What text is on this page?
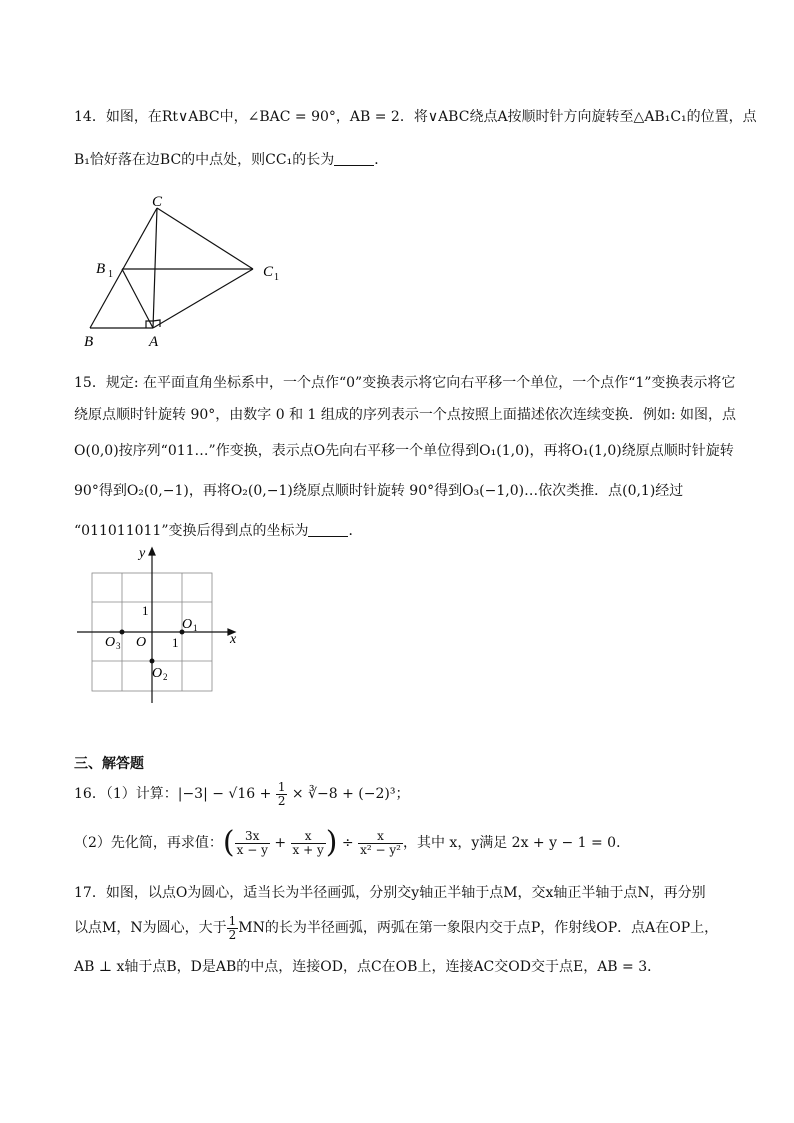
14．如图，在Rt∨ABC中，∠BAC = 90°，AB = 2．将∨ABC绕点A按顺时针方向旋转至△AB₁C₁的位置，点
B₁恰好落在边BC的中点处，则CC₁的长为	．
C
B 1	C 1
B	A
15．规定: 在平面直角坐标系中，一个点作“0”变换表示将它向右平移一个单位，一个点作“1”变换表示将它
绕原点顺时针旋转 90°，由数字 0 和 1 组成的序列表示一个点按照上面描述依次连续变换．例如: 如图，点
O(0,0)按序列“011…”作变换，表示点O先向右平移一个单位得到O₁(1,0)，再将O₁(1,0)绕原点顺时针旋转
90°得到O₂(0,−1)，再将O₂(0,−1)绕原点顺时针旋转 90°得到O₃(−1,0)…依次类推．点(0,1)经过
“011011011”变换后得到点的坐标为	．
y
x
1
O 1
O 1
O 2
O 3
三、解答题
16．（1）计算：$|-3| - √16 + \frac{1}{2}$ × ∛−8 + (−2)³；
（2）先化简，再求值：( $\frac{3x}{x - y} + \frac{x}{x + y}$ ) ÷ $\frac{x}{\text{x² − y²}}$ ，其中 x，y满足 2x + y − 1 = 0．
17．如图，以点O为圆心，适当长为半径画弧，分别交y轴正半轴于点M，交x轴正半轴于点N，再分别
以点M，N为圆心，大于 $\frac{1}{2}$ MN的长为半径画弧，两弧在第一象限内交于点P，作射线OP．点A在OP上，
AB ⊥ x轴于点B，D是AB的中点，连接OD，点C在OB上，连接AC交OD交于点E，AB = 3．
